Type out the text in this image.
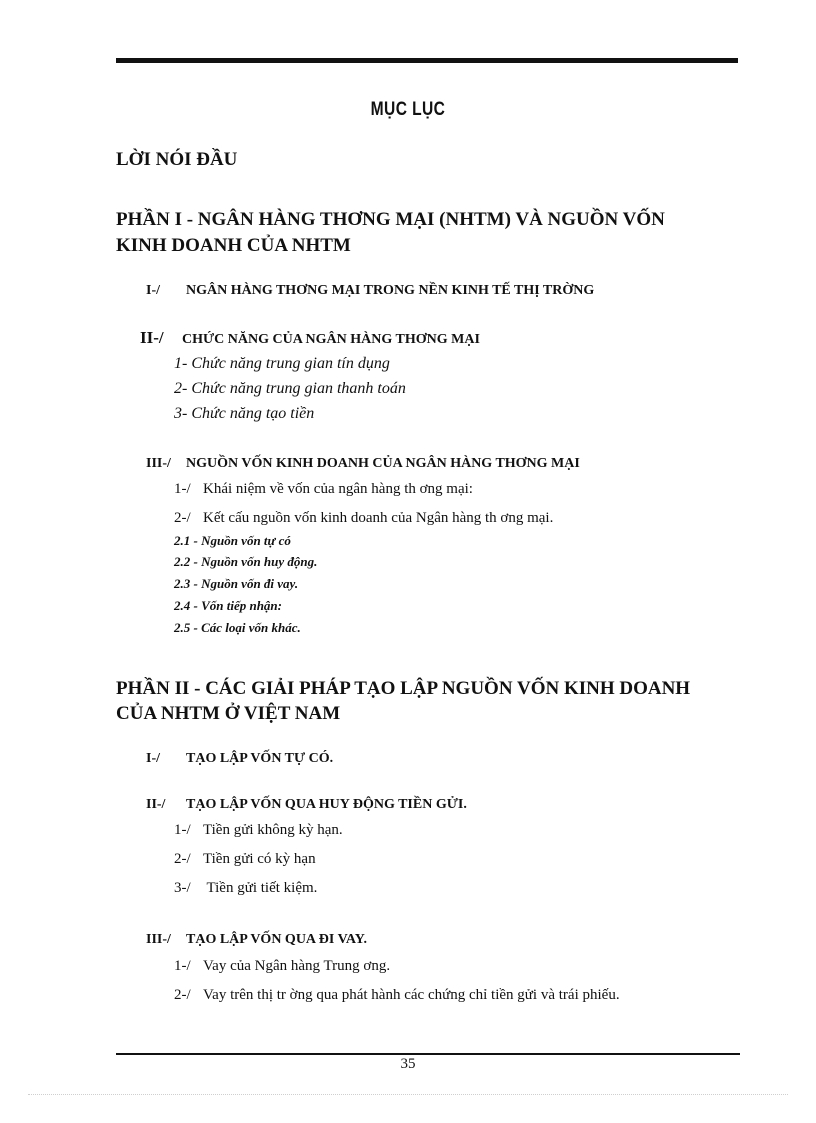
MỤC LỤC
LỜI NÓI ĐẦU
PHẦN I - NGÂN HÀNG THƠNG MẠI (NHTM) VÀ NGUỒN VỐN
KINH DOANH CỦA NHTM
I-/ NGÂN HÀNG THƠNG MẠI TRONG NỀN KINH TẾ THỊ TRỜNG
II-/ CHỨC NĂNG CỦA NGÂN HÀNG THƠNG MẠI
1- Chức năng trung gian tín dụng
2- Chức năng trung gian thanh toán
3- Chức năng tạo tiền
III-/ NGUỒN VỐN KINH DOANH CỦA NGÂN HÀNG THƠNG MẠI
1-/ Khái niệm về vốn của ngân hàng th ơng mại:
2-/ Kết cấu nguồn vốn kinh doanh của Ngân hàng th ơng mại.
2.1 - Nguồn vốn tự có
2.2 - Nguồn vốn huy động.
2.3 - Nguồn vốn đi vay.
2.4 - Vốn tiếp nhận:
2.5 - Các loại vốn khác.
PHẦN II - CÁC GIẢI PHÁP TẠO LẬP NGUỒN VỐN KINH DOANH
CỦA NHTM Ở VIỆT NAM
I-/ TẠO LẬP VỐN TỰ CÓ.
II-/ TẠO LẬP VỐN QUA HUY ĐỘNG TIỀN GỬI.
1-/ Tiền gửi không kỳ hạn.
2-/ Tiền gửi có kỳ hạn
3-/ Tiền gửi tiết kiệm.
III-/ TẠO LẬP VỐN QUA ĐI VAY.
1-/ Vay của Ngân hàng Trung ơng.
2-/ Vay trên thị tr ờng qua phát hành các chứng chỉ tiền gửi và trái phiếu.
35
